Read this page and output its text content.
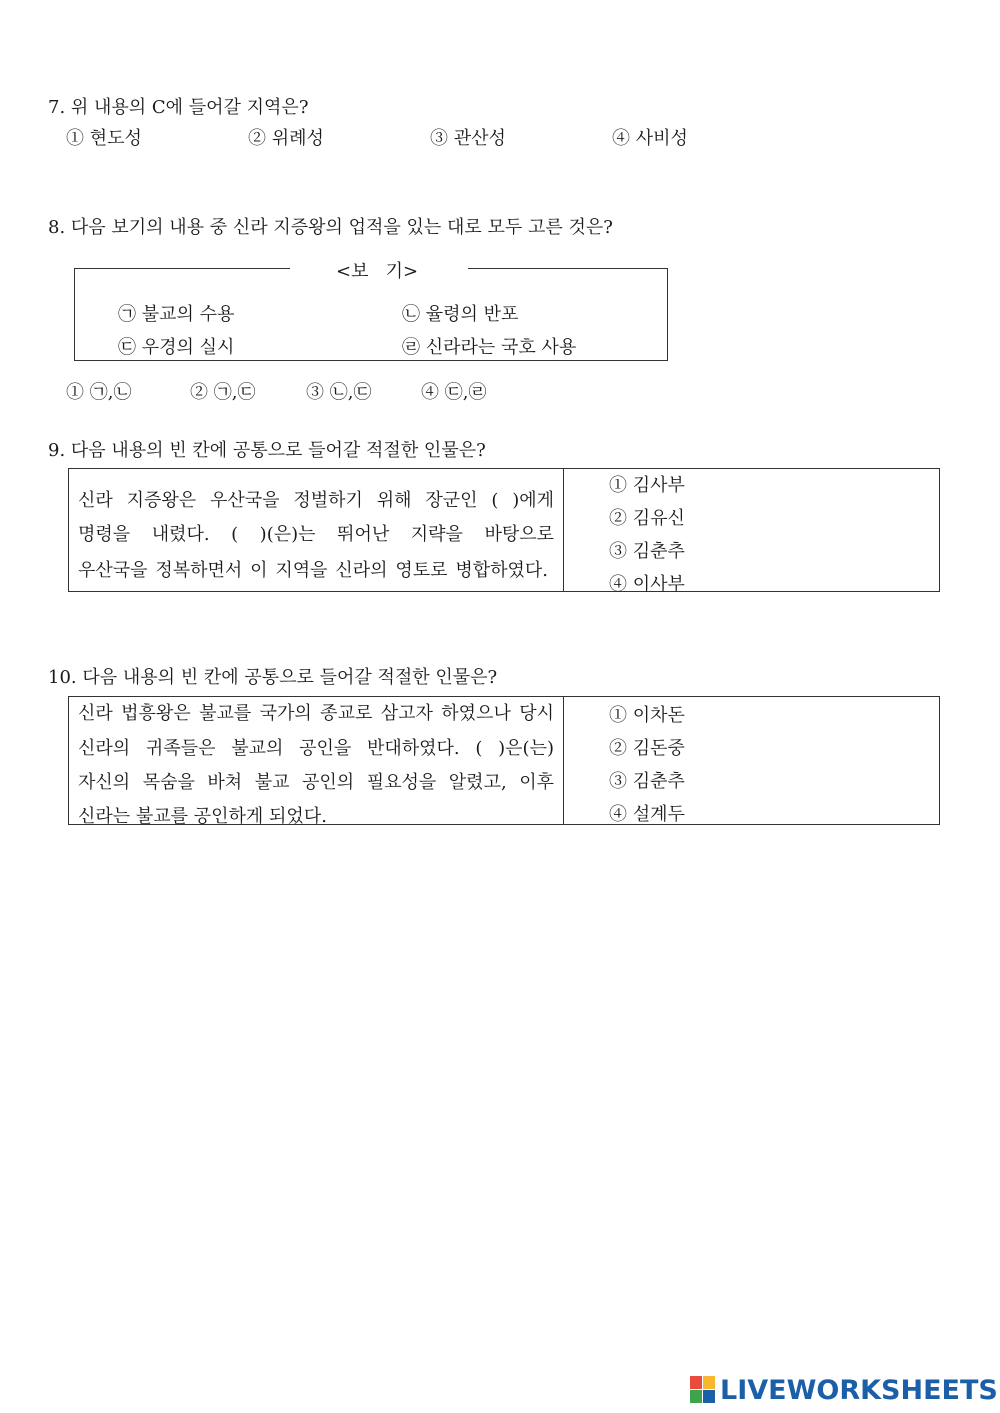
7. 위 내용의 C에 들어갈 지역은?
① 현도성	② 위례성	③ 관산성	④ 사비성
8. 다음 보기의 내용 중 신라 지증왕의 업적을 있는 대로 모두 고른 것은?
<보   기>
㉠ 불교의 수용	㉡ 율령의 반포
㉢ 우경의 실시	㉣ 신라라는 국호 사용
① ㉠,㉡	② ㉠,㉢	③ ㉡,㉢	④ ㉢,㉣
9. 다음 내용의 빈 칸에 공통으로 들어갈 적절한 인물은?
신라 지증왕은 우산국을 정벌하기 위해 장군인 ( )에게
명령을 내렸다. ( )(은)는 뛰어난 지략을 바탕으로
우산국을 정복하면서 이 지역을 신라의 영토로 병합하였다.
① 김사부
② 김유신
③ 김춘추
④ 이사부
10. 다음 내용의 빈 칸에 공통으로 들어갈 적절한 인물은?
신라 법흥왕은 불교를 국가의 종교로 삼고자 하였으나 당시
신라의 귀족들은 불교의 공인을 반대하였다. ( )은(는)
자신의 목숨을 바쳐 불교 공인의 필요성을 알렸고, 이후
신라는 불교를 공인하게 되었다.
① 이차돈
② 김돈중
③ 김춘추
④ 설계두
LIVEWORKSHEETS
